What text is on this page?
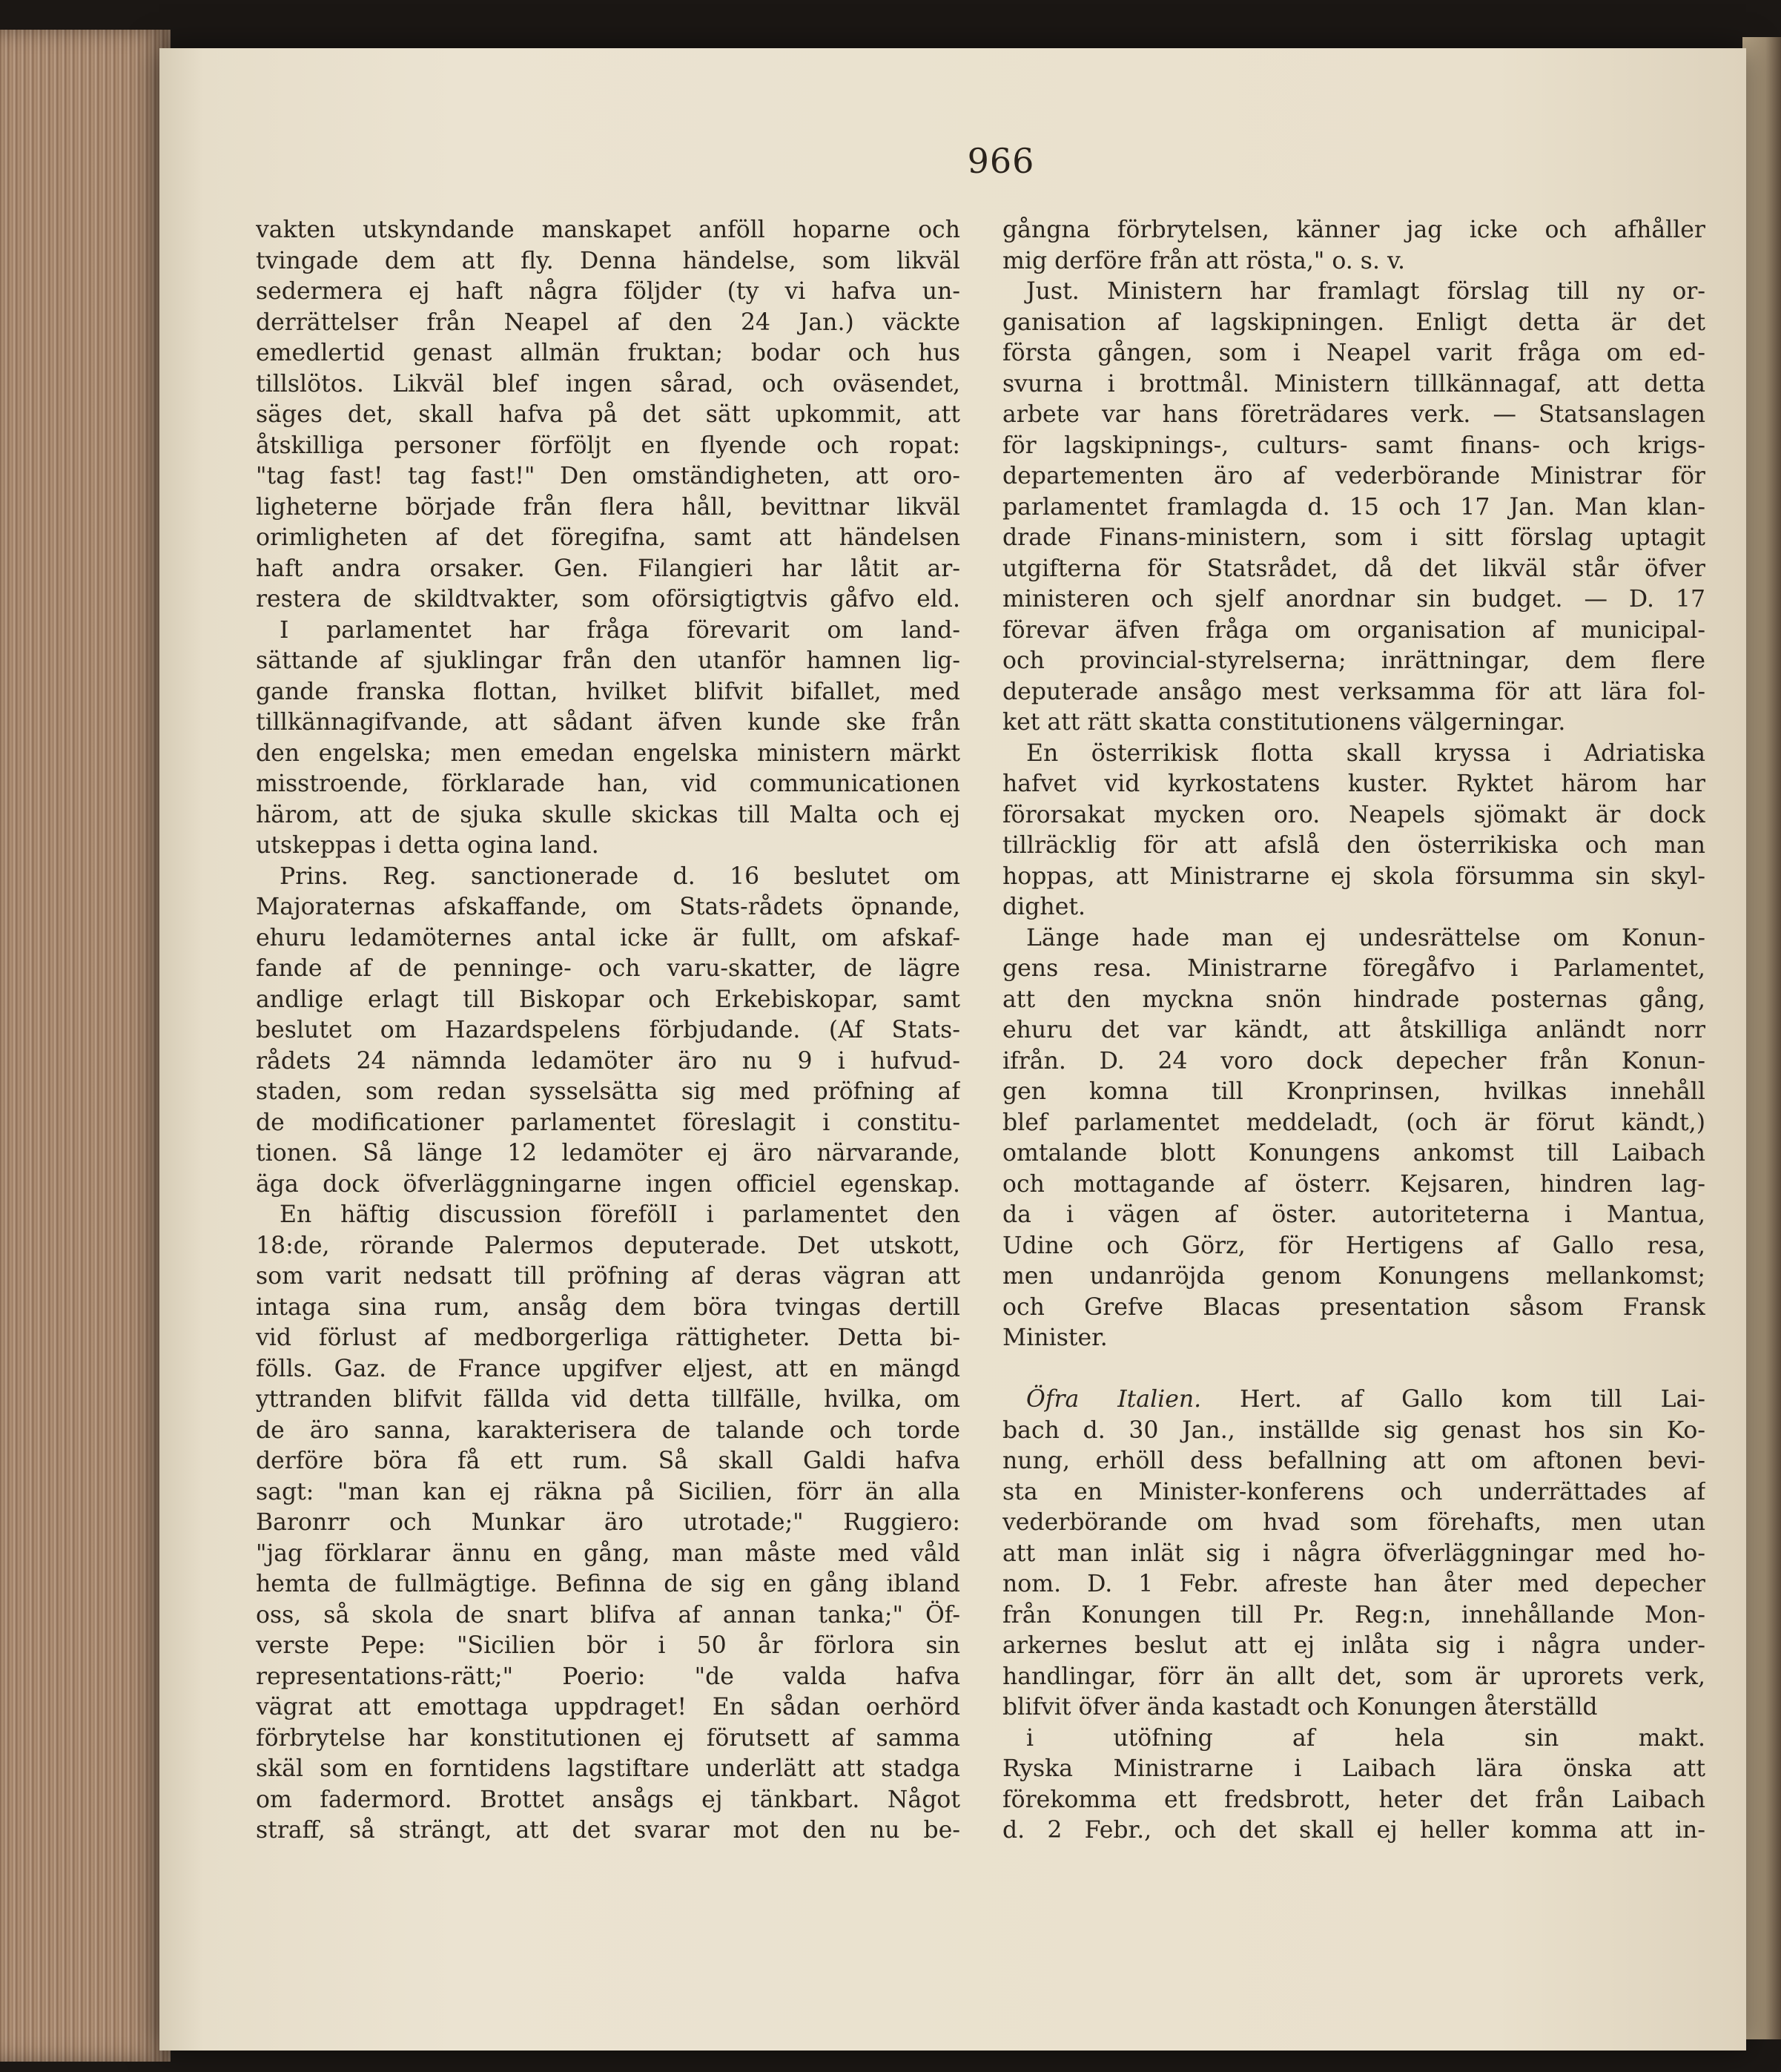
966
vakten utskyndande manskapet anföll hoparne och
tvingade dem att fly. Denna händelse, som likväl
sedermera ej haft några följder (ty vi hafva un-
derrättelser från Neapel af den 24 Jan.) väckte
emedlertid genast allmän fruktan; bodar och hus
tillslötos. Likväl blef ingen sårad, och oväsendet,
säges det, skall hafva på det sätt upkommit, att
åtskilliga personer förföljt en flyende och ropat:
"tag fast! tag fast!" Den omständigheten, att oro-
ligheterne började från flera håll, bevittnar likväl
orimligheten af det föregifna, samt att händelsen
haft andra orsaker. Gen. Filangieri har låtit ar-
restera de skildtvakter, som oförsigtigtvis gåfvo eld.
I parlamentet har fråga förevarit om land-
sättande af sjuklingar från den utanför hamnen lig-
gande franska flottan, hvilket blifvit bifallet, med
tillkännagifvande, att sådant äfven kunde ske från
den engelska; men emedan engelska ministern märkt
misstroende, förklarade han, vid communicationen
härom, att de sjuka skulle skickas till Malta och ej
utskeppas i detta ogina land.
Prins. Reg. sanctionerade d. 16 beslutet om
Majoraternas afskaffande, om Stats-rådets öpnande,
ehuru ledamöternes antal icke är fullt, om afskaf-
fande af de penninge- och varu-skatter, de lägre
andlige erlagt till Biskopar och Erkebiskopar, samt
beslutet om Hazardspelens förbjudande. (Af Stats-
rådets 24 nämnda ledamöter äro nu 9 i hufvud-
staden, som redan sysselsätta sig med pröfning af
de modificationer parlamentet föreslagit i constitu-
tionen. Så länge 12 ledamöter ej äro närvarande,
äga dock öfverläggningarne ingen officiel egenskap.
En häftig discussion förefölI i parlamentet den
18:de, rörande Palermos deputerade. Det utskott,
som varit nedsatt till pröfning af deras vägran att
intaga sina rum, ansåg dem böra tvingas dertill
vid förlust af medborgerliga rättigheter. Detta bi-
fölls. Gaz. de France upgifver eljest, att en mängd
yttranden blifvit fällda vid detta tillfälle, hvilka, om
de äro sanna, karakterisera de talande och torde
derföre böra få ett rum. Så skall Galdi hafva
sagt: "man kan ej räkna på Sicilien, förr än alla
Baronrr och Munkar äro utrotade;" Ruggiero:
"jag förklarar ännu en gång, man måste med våld
hemta de fullmägtige. Befinna de sig en gång ibland
oss, så skola de snart blifva af annan tanka;" Öf-
verste Pepe: "Sicilien bör i 50 år förlora sin
representations-rätt;" Poerio: "de valda hafva
vägrat att emottaga uppdraget! En sådan oerhörd
förbrytelse har konstitutionen ej förutsett af samma
skäl som en forntidens lagstiftare underlätt att stadga
om fadermord. Brottet ansågs ej tänkbart. Något
straff, så strängt, att det svarar mot den nu be-
gångna förbrytelsen, känner jag icke och afhåller
mig derföre från att rösta," o. s. v.
Just. Ministern har framlagt förslag till ny or-
ganisation af lagskipningen. Enligt detta är det
första gången, som i Neapel varit fråga om ed-
svurna i brottmål. Ministern tillkännagaf, att detta
arbete var hans företrädares verk. — Statsanslagen
för lagskipnings-, culturs- samt finans- och krigs-
departementen äro af vederbörande Ministrar för
parlamentet framlagda d. 15 och 17 Jan. Man klan-
drade Finans-ministern, som i sitt förslag uptagit
utgifterna för Statsrådet, då det likväl står öfver
ministeren och sjelf anordnar sin budget. — D. 17
förevar äfven fråga om organisation af municipal-
och provincial-styrelserna; inrättningar, dem flere
deputerade ansågo mest verksamma för att lära fol-
ket att rätt skatta constitutionens välgerningar.
En österrikisk flotta skall kryssa i Adriatiska
hafvet vid kyrkostatens kuster. Ryktet härom har
förorsakat mycken oro. Neapels sjömakt är dock
tillräcklig för att afslå den österrikiska och man
hoppas, att Ministrarne ej skola försumma sin skyl-
dighet.
Länge hade man ej undesrättelse om Konun-
gens resa. Ministrarne föregåfvo i Parlamentet,
att den myckna snön hindrade posternas gång,
ehuru det var kändt, att åtskilliga anländt norr
ifrån. D. 24 voro dock depecher från Konun-
gen komna till Kronprinsen, hvilkas innehåll
blef parlamentet meddeladt, (och är förut kändt,)
omtalande blott Konungens ankomst till Laibach
och mottagande af österr. Kejsaren, hindren lag-
da i vägen af öster. autoriteterna i Mantua,
Udine och Görz, för Hertigens af Gallo resa,
men undanröjda genom Konungens mellankomst;
och Grefve Blacas presentation såsom Fransk
Minister.

Öfra Italien. Hert. af Gallo kom till Lai-
bach d. 30 Jan., inställde sig genast hos sin Ko-
nung, erhöll dess befallning att om aftonen bevi-
sta en Minister-konferens och underrättades af
vederbörande om hvad som förehafts, men utan
att man inlät sig i några öfverläggningar med ho-
nom. D. 1 Febr. afreste han åter med depecher
från Konungen till Pr. Reg:n, innehållande Mon-
arkernes beslut att ej inlåta sig i några under-
handlingar, förr än allt det, som är uprorets verk,
blifvit öfver ända kastadt och Konungen återställd
i utöfning af hela sin makt.
Ryska Ministrarne i Laibach lära önska att
förekomma ett fredsbrott, heter det från Laibach
d. 2 Febr., och det skall ej heller komma att in-
